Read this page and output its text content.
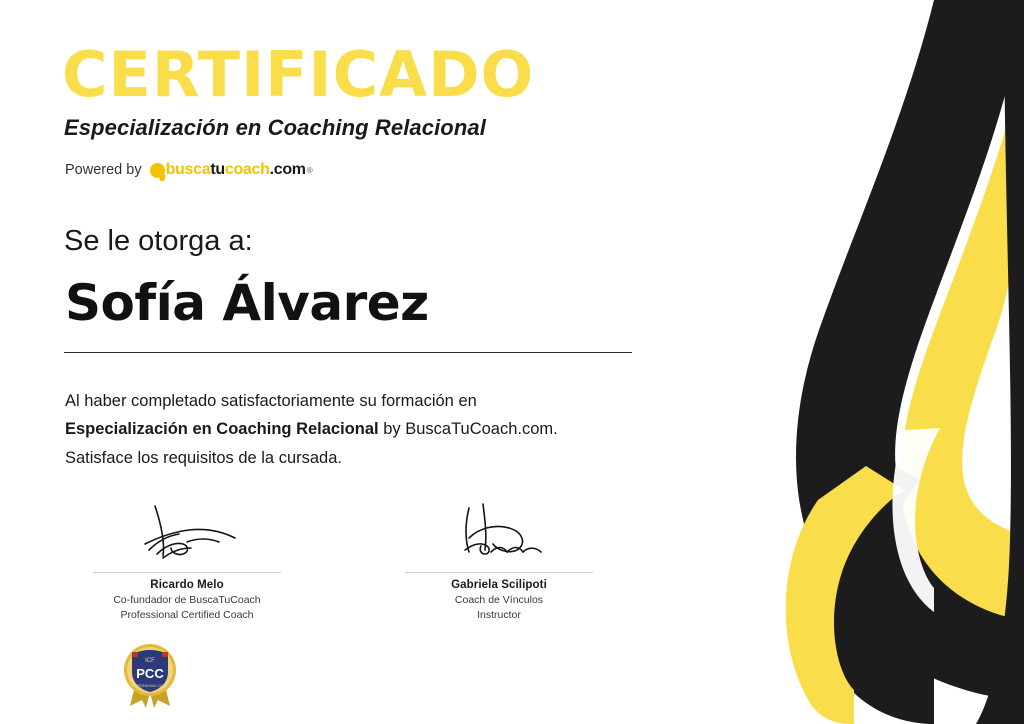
CERTIFICADO
Especialización en Coaching Relacional
Powered by busca tu coach .com ®
Se le otorga a:
Sofía Álvarez
Al haber completado satisfactoriamente su formación en
Especialización en Coaching Relacional by BuscaTuCoach.com.
Satisface los requisitos de la cursada.
Ricardo Melo
Co-fundador de BuscaTuCoach
Professional Certified Coach
Gabriela Scilipoti
Coach de Vínculos
Instructor
ICF
PCC
PROFESSIONAL COACH
